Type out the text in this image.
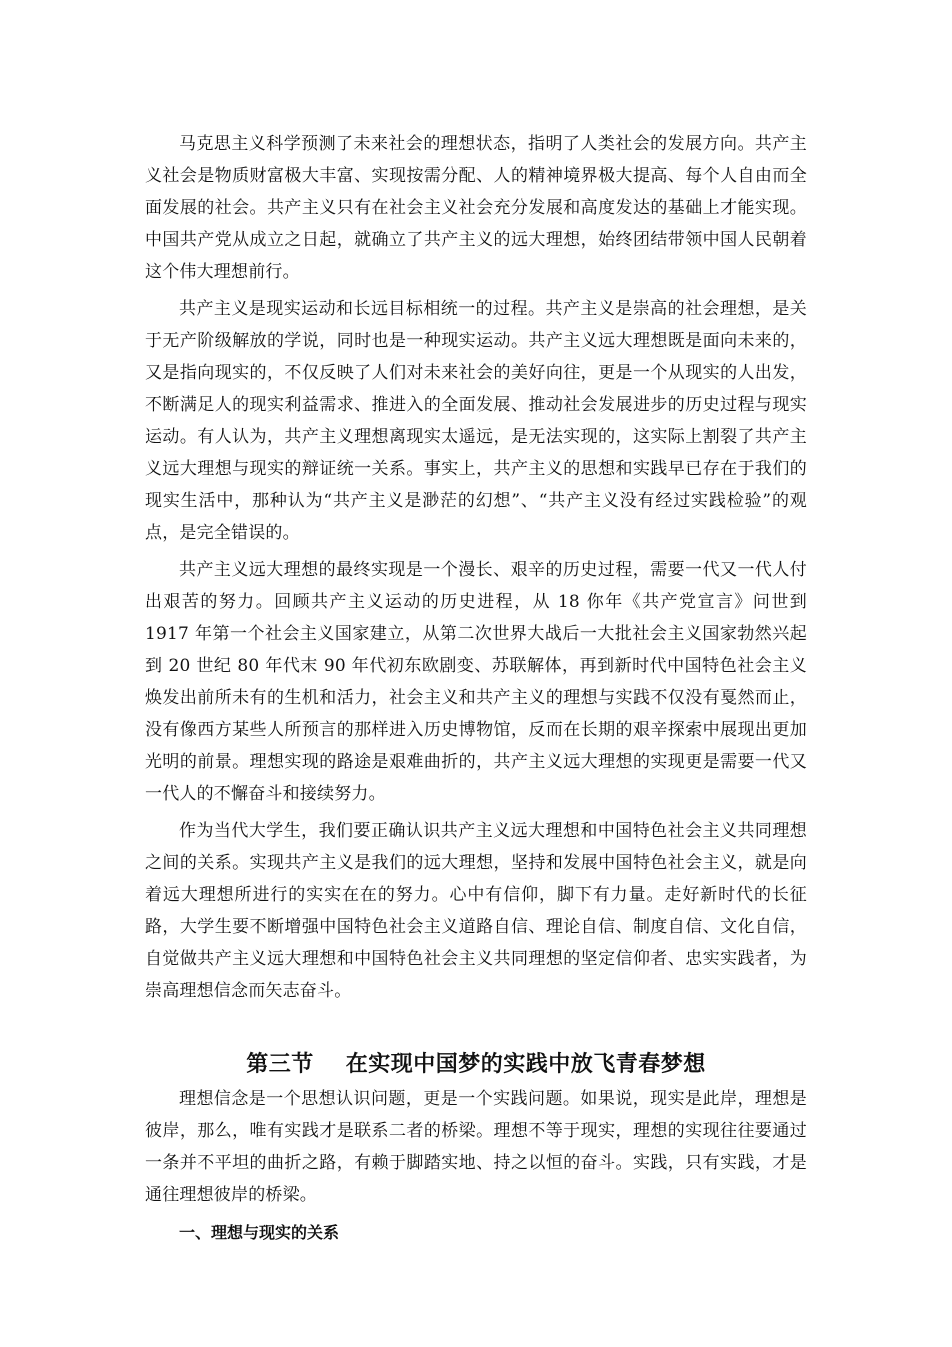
马克思主义科学预测了未来社会的理想状态，指明了人类社会的发展方向。共产主义社会是物质财富极大丰富、实现按需分配、人的精神境界极大提高、每个人自由而全面发展的社会。共产主义只有在社会主义社会充分发展和高度发达的基础上才能实现。中国共产党从成立之日起，就确立了共产主义的远大理想，始终团结带领中国人民朝着这个伟大理想前行。

共产主义是现实运动和长远目标相统一的过程。共产主义是崇高的社会理想，是关于无产阶级解放的学说，同时也是一种现实运动。共产主义远大理想既是面向未来的，又是指向现实的，不仅反映了人们对未来社会的美好向往，更是一个从现实的人出发，不断满足人的现实利益需求、推进入的全面发展、推动社会发展进步的历史过程与现实运动。有人认为，共产主义理想离现实太遥远，是无法实现的，这实际上割裂了共产主义远大理想与现实的辩证统一关系。事实上，共产主义的思想和实践早已存在于我们的现实生活中，那种认为“共产主义是渺茫的幻想”、“共产主义没有经过实践检验”的观点，是完全错误的。

共产主义远大理想的最终实现是一个漫长、艰辛的历史过程，需要一代又一代人付出艰苦的努力。回顾共产主义运动的历史进程，从 18 你年《共产党宣言》问世到 1917 年第一个社会主义国家建立，从第二次世界大战后一大批社会主义国家勃然兴起到 20 世纪 80 年代末 90 年代初东欧剧变、苏联解体，再到新时代中国特色社会主义焕发出前所未有的生机和活力，社会主义和共产主义的理想与实践不仅没有戛然而止，没有像西方某些人所预言的那样进入历史博物馆，反而在长期的艰辛探索中展现出更加光明的前景。理想实现的路途是艰难曲折的，共产主义远大理想的实现更是需要一代又一代人的不懈奋斗和接续努力。

作为当代大学生，我们要正确认识共产主义远大理想和中国特色社会主义共同理想之间的关系。实现共产主义是我们的远大理想，坚持和发展中国特色社会主义，就是向着远大理想所进行的实实在在的努力。心中有信仰，脚下有力量。走好新时代的长征路，大学生要不断增强中国特色社会主义道路自信、理论自信、制度自信、文化自信，自觉做共产主义远大理想和中国特色社会主义共同理想的坚定信仰者、忠实实践者，为崇高理想信念而矢志奋斗。

第三节 在实现中国梦的实践中放飞青春梦想

理想信念是一个思想认识问题，更是一个实践问题。如果说，现实是此岸，理想是彼岸，那么，唯有实践才是联系二者的桥梁。理想不等于现实，理想的实现往往要通过一条并不平坦的曲折之路，有赖于脚踏实地、持之以恒的奋斗。实践，只有实践，才是通往理想彼岸的桥梁。

一、理想与现实的关系
